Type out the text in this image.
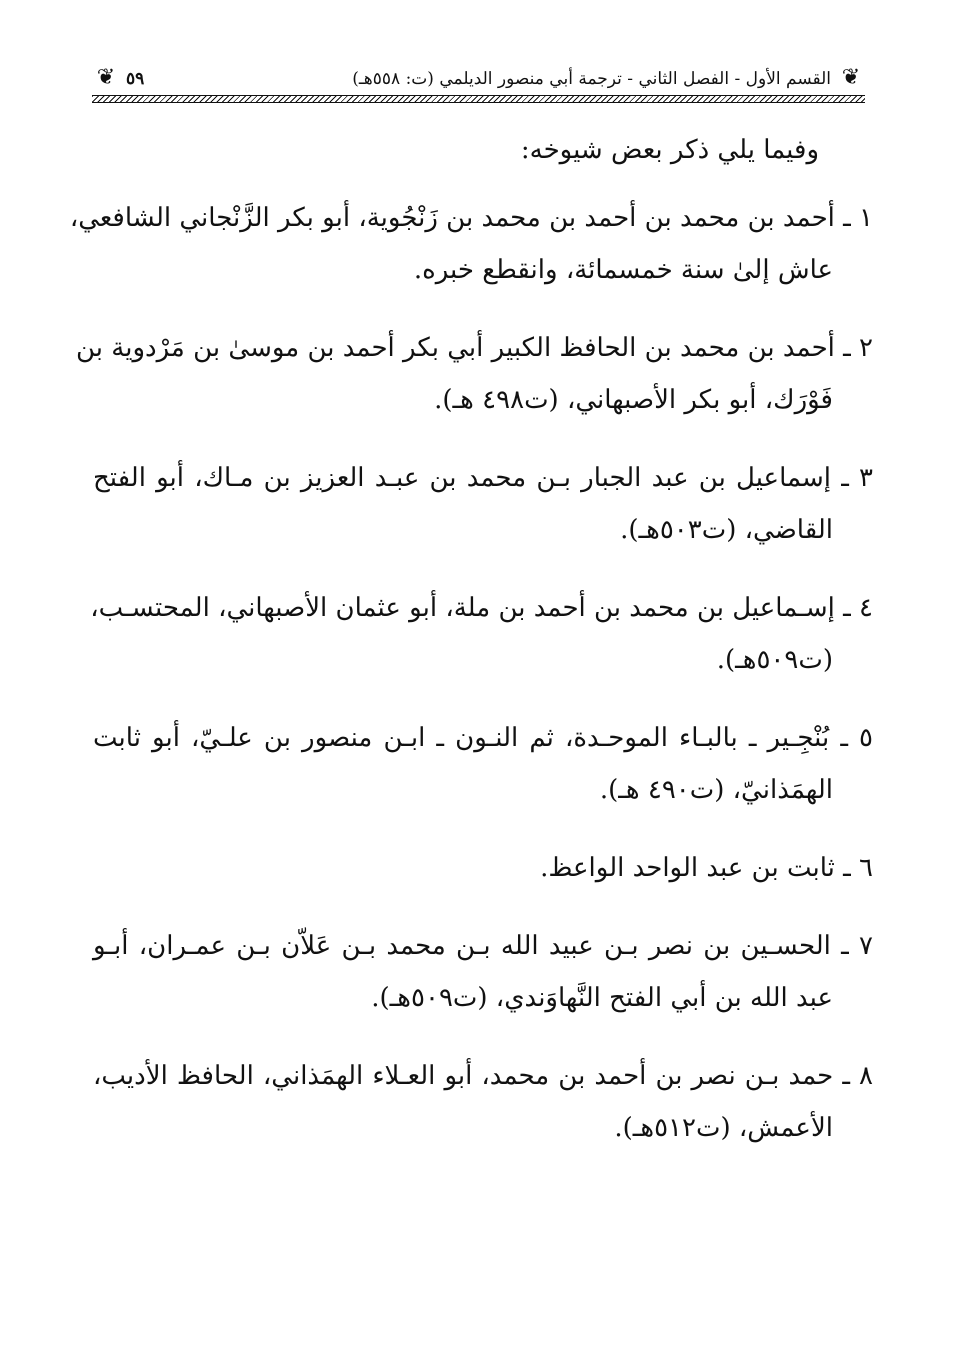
❦
القسم الأول - الفصل الثاني - ترجمة أبي منصور الديلمي (ت: ٥٥٨هـ)
٥٩
❦
وفيما يلي ذكر بعض شيوخه:
١ ـ أحمد بن محمد بن أحمد بن محمد بن زَنْجُوية، أبو بكر الزَّنْجاني الشافعي،
عاش إلىٰ سنة خمسمائة، وانقطع خبره.
٢ ـ أحمد بن محمد بن الحافظ الكبير أبي بكر أحمد بن موسىٰ بن مَرْدوية بن
فَوْرَك، أبو بكر الأصبهاني، (ت٤٩٨ هـ).
٣ ـ إسماعيل بن عبد الجبار بـن محمد بن عبـد العزيز بن مـاك، أبو الفتح
القاضي، (ت٥٠٣هـ).
٤ ـ إسـماعيل بن محمد بن أحمد بن ملة، أبو عثمان الأصبهاني، المحتسـب،
(ت٥٠٩هـ).
٥ ـ بُنْجِـير ـ بالبـاء الموحـدة، ثم النـون ـ ابـن منصور بن علـيّ، أبو ثابت
الهمَذانيّ، (ت٤٩٠ هـ).
٦ ـ ثابت بن عبد الواحد الواعظ.
٧ ـ الحسـين بن نصر بـن عبيد الله بـن محمد بـن عَلاّن بـن عمـران، أبـو
عبد الله بن أبي الفتح النَّهاوَندي، (ت٥٠٩هـ).
٨ ـ حمد بـن نصر بن أحمد بن محمد، أبو العـلاء الهمَذاني، الحافظ الأديب،
الأعمش، (ت٥١٢هـ).
